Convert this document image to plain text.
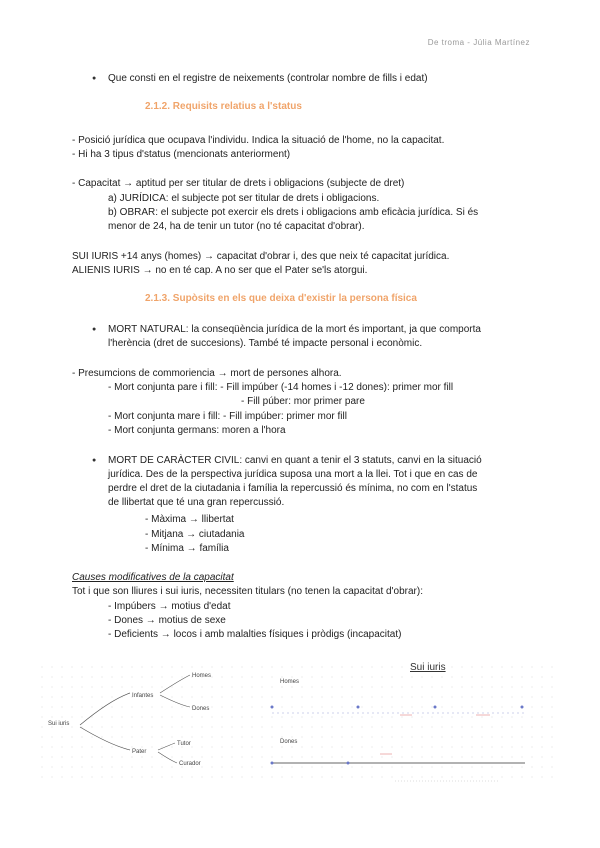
De troma - Júlia Martínez
● Que consti en el registre de neixements (controlar nombre de fills i edat)
2.1.2. Requisits relatius a l'status
- Posició jurídica que ocupava l'individu. Indica la situació de l'home, no la capacitat.
- Hi ha 3 tipus d'status (mencionats anteriorment)
- Capacitat → aptitud per ser titular de drets i obligacions (subjecte de dret)
a) JURÍDICA: el subjecte pot ser titular de drets i obligacions.
b) OBRAR: el subjecte pot exercir els drets i obligacions amb eficàcia jurídica. Si és
menor de 24, ha de tenir un tutor (no té capacitat d'obrar).
SUI IURIS +14 anys (homes) → capacitat d'obrar i, des que neix té capacitat jurídica.
ALIENIS IURIS → no en té cap. A no ser que el Pater se'ls atorgui.
2.1.3. Supòsits en els que deixa d'existir la persona física
● MORT NATURAL: la conseqüència jurídica de la mort és important, ja que comporta
l'herència (dret de succesions). També té impacte personal i econòmic.
- Presumcions de commoriencia → mort de persones alhora.
- Mort conjunta pare i fill: - Fill impúber (-14 homes i -12 dones): primer mor fill
- Fill púber: mor primer pare
- Mort conjunta mare i fill: - Fill impúber: primer mor fill
- Mort conjunta germans: moren a l'hora
● MORT DE CARÀCTER CIVIL: canvi en quant a tenir el 3 statuts, canvi en la situació
jurídica. Des de la perspectiva jurídica suposa una mort a la llei. Tot i que en cas de
perdre el dret de la ciutadania i família la repercussió és mínima, no com en l'status
de llibertat que té una gran repercussió.
- Màxima → llibertat
- Mitjana → ciutadania
- Mínima → família
Causes modificatives de la capacitat
Tot i que son lliures i sui iuris, necessiten titulars (no tenen la capacitat d'obrar):
- Impúbers → motius d'edat
- Dones → motius de sexe
- Deficients → locos i amb malalties físiques i pròdigs (incapacitat)
Sui iuris
Infantes
Pater
Homes
Dones
Tutor
Curador
Sui iuris
Homes
Dones
